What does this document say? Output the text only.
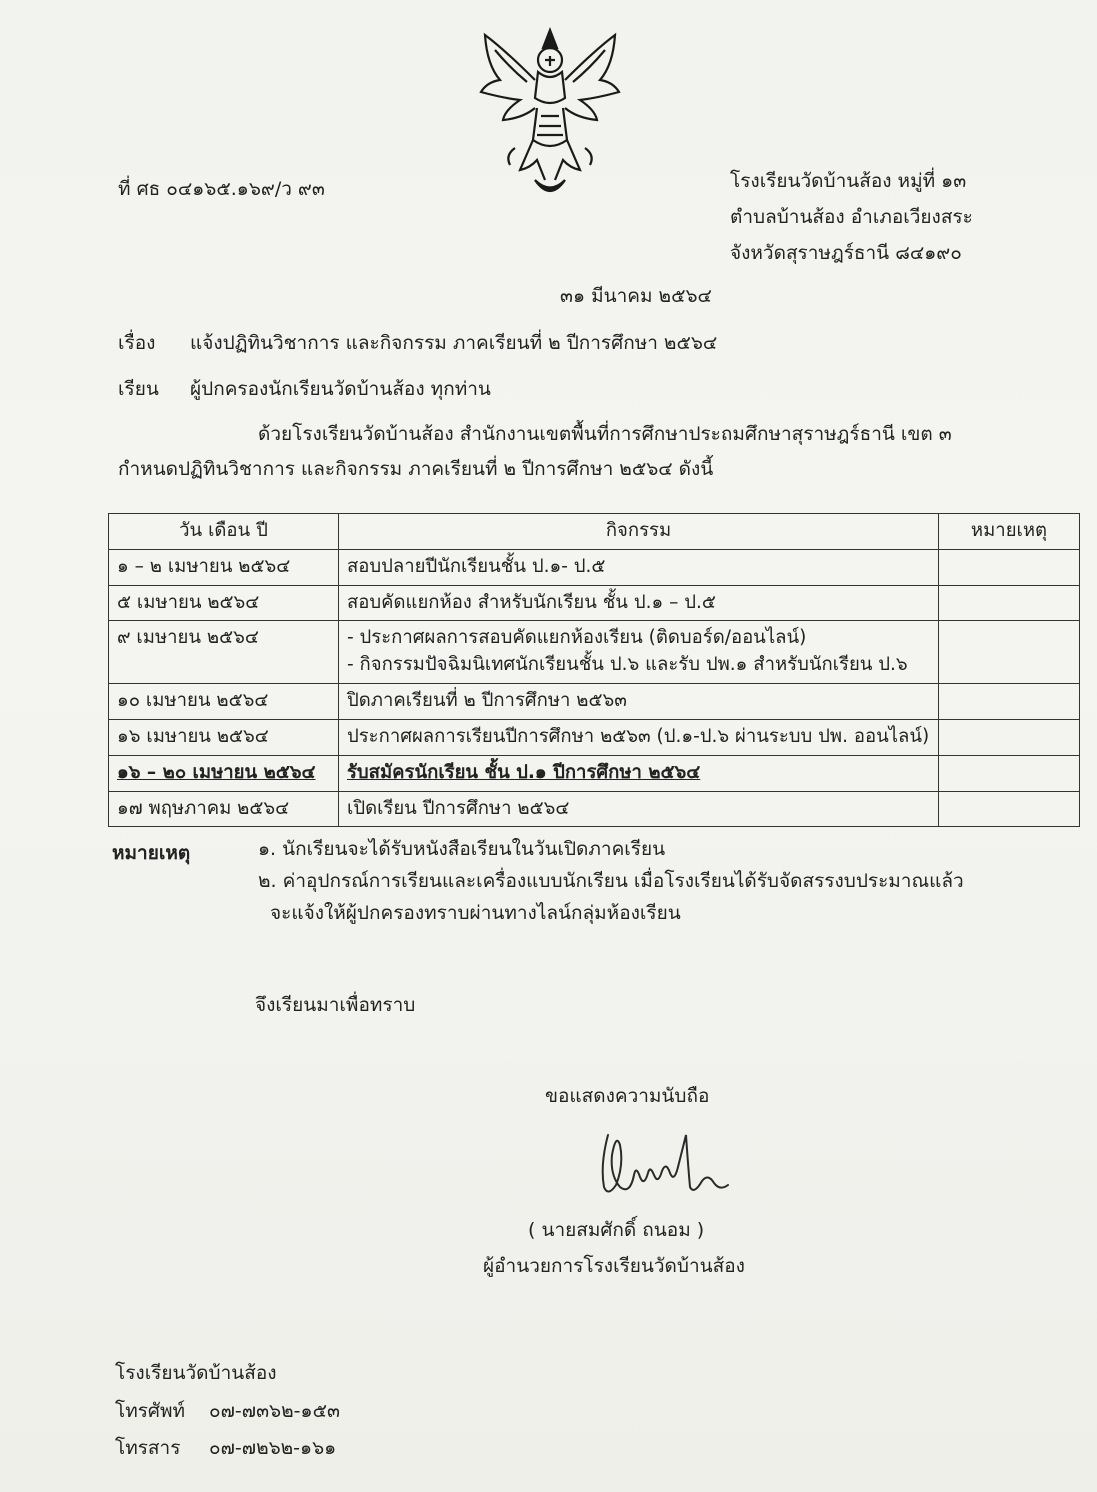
ที่ ศธ ๐๔๑๖๕.๑๖๙/ว ๙๓	โรงเรียนวัดบ้านส้อง หมู่ที่ ๑๓
ตำบลบ้านส้อง อำเภอเวียงสระ
จังหวัดสุราษฎร์ธานี ๘๔๑๙๐
๓๑ มีนาคม ๒๕๖๔
เรื่อง แจ้งปฏิทินวิชาการ และกิจกรรม ภาคเรียนที่ ๒ ปีการศึกษา ๒๕๖๔
เรียน ผู้ปกครองนักเรียนวัดบ้านส้อง ทุกท่าน
ด้วยโรงเรียนวัดบ้านส้อง สำนักงานเขตพื้นที่การศึกษาประถมศึกษาสุราษฎร์ธานี เขต ๓
กำหนดปฏิทินวิชาการ และกิจกรรม ภาคเรียนที่ ๒ ปีการศึกษา ๒๕๖๔ ดังนี้
วัน เดือน ปี	กิจกรรม	หมายเหตุ
๑ – ๒ เมษายน ๒๕๖๔	สอบปลายปีนักเรียนชั้น ป.๑- ป.๕	
๕ เมษายน ๒๕๖๔	สอบคัดแยกห้อง สำหรับนักเรียน ชั้น ป.๑ – ป.๕	
๙ เมษายน ๒๕๖๔	- ประกาศผลการสอบคัดแยกห้องเรียน (ติดบอร์ด/ออนไลน์)
- กิจกรรมปัจฉิมนิเทศนักเรียนชั้น ป.๖ และรับ ปพ.๑ สำหรับนักเรียน ป.๖	

๑๐ เมษายน ๒๕๖๔	ปิดภาคเรียนที่ ๒ ปีการศึกษา ๒๕๖๓	
๑๖ เมษายน ๒๕๖๔	ประกาศผลการเรียนปีการศึกษา ๒๕๖๓ (ป.๑-ป.๖ ผ่านระบบ ปพ. ออนไลน์)	
๑๖ – ๒๐ เมษายน ๒๕๖๔	รับสมัครนักเรียน ชั้น ป.๑ ปีการศึกษา ๒๕๖๔	
๑๗ พฤษภาคม ๒๕๖๔	เปิดเรียน ปีการศึกษา ๒๕๖๔	
หมายเหตุ	๑. นักเรียนจะได้รับหนังสือเรียนในวันเปิดภาคเรียน
๒. ค่าอุปกรณ์การเรียนและเครื่องแบบนักเรียน เมื่อโรงเรียนได้รับจัดสรรงบประมาณแล้ว
จะแจ้งให้ผู้ปกครองทราบผ่านทางไลน์กลุ่มห้องเรียน
จึงเรียนมาเพื่อทราบ
ขอแสดงความนับถือ
( นายสมศักดิ์ ถนอม )
ผู้อำนวยการโรงเรียนวัดบ้านส้อง
โรงเรียนวัดบ้านส้อง
โทรศัพท์ ๐๗-๗๓๖๒-๑๕๓
โทรสาร ๐๗-๗๒๖๒-๑๖๑
